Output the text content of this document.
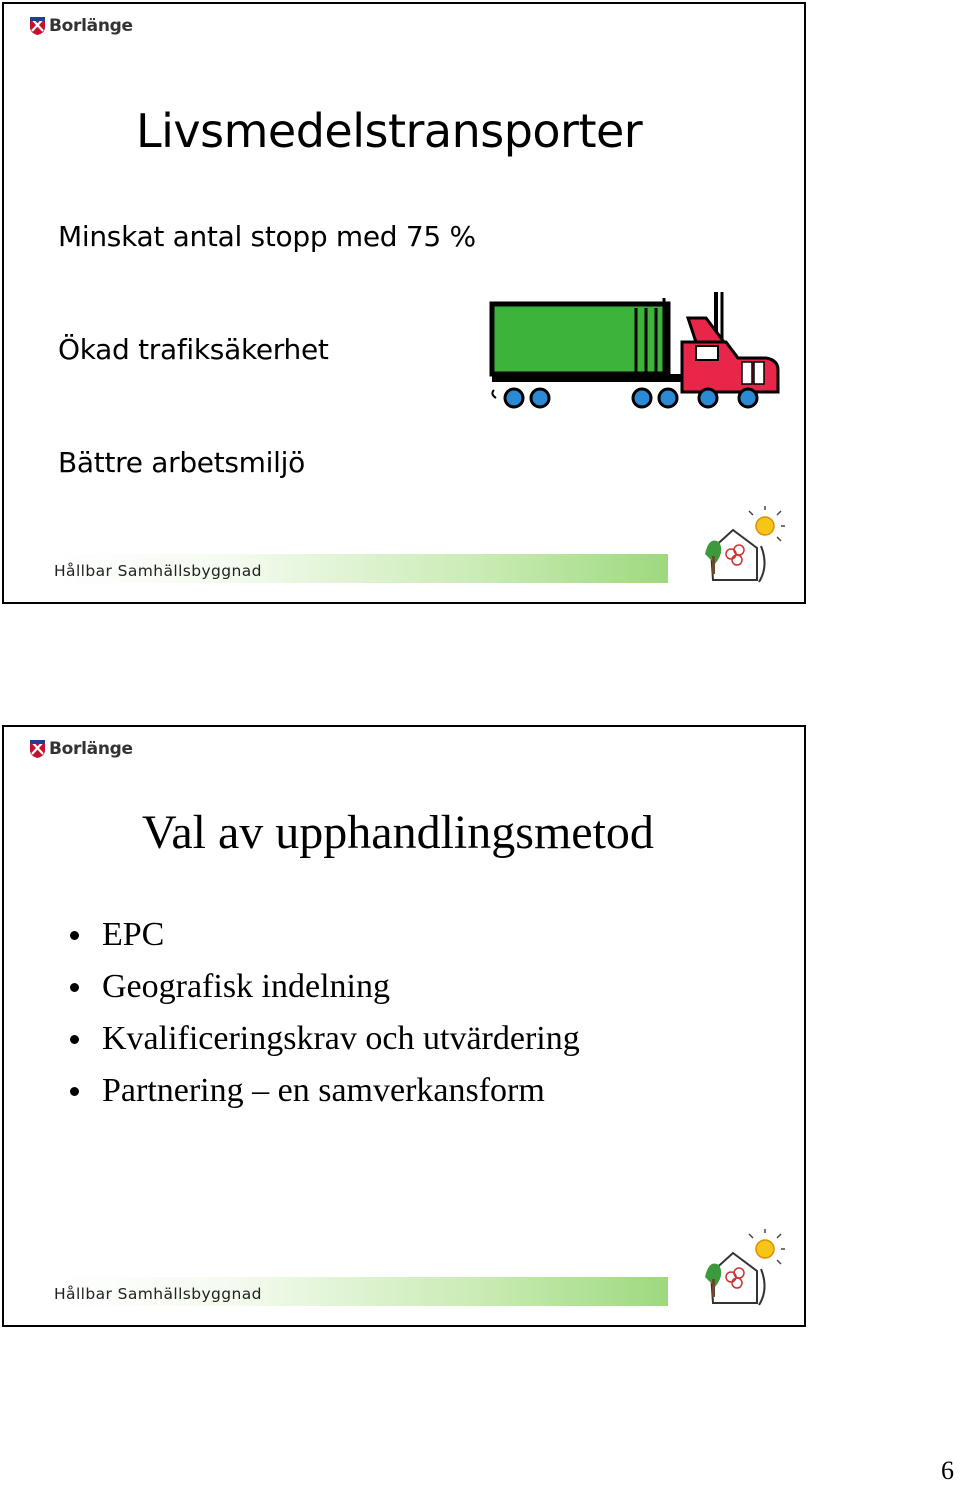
Borlänge
Livsmedelstransporter
Minskat antal stopp med 75 %
Ökad trafiksäkerhet
Bättre arbetsmiljö
Hållbar Samhällsbyggnad
Borlänge
Val av upphandlingsmetod
EPC
Geografisk indelning
Kvalificeringskrav och utvärdering
Partnering – en samverkansform
Hållbar Samhällsbyggnad
6
